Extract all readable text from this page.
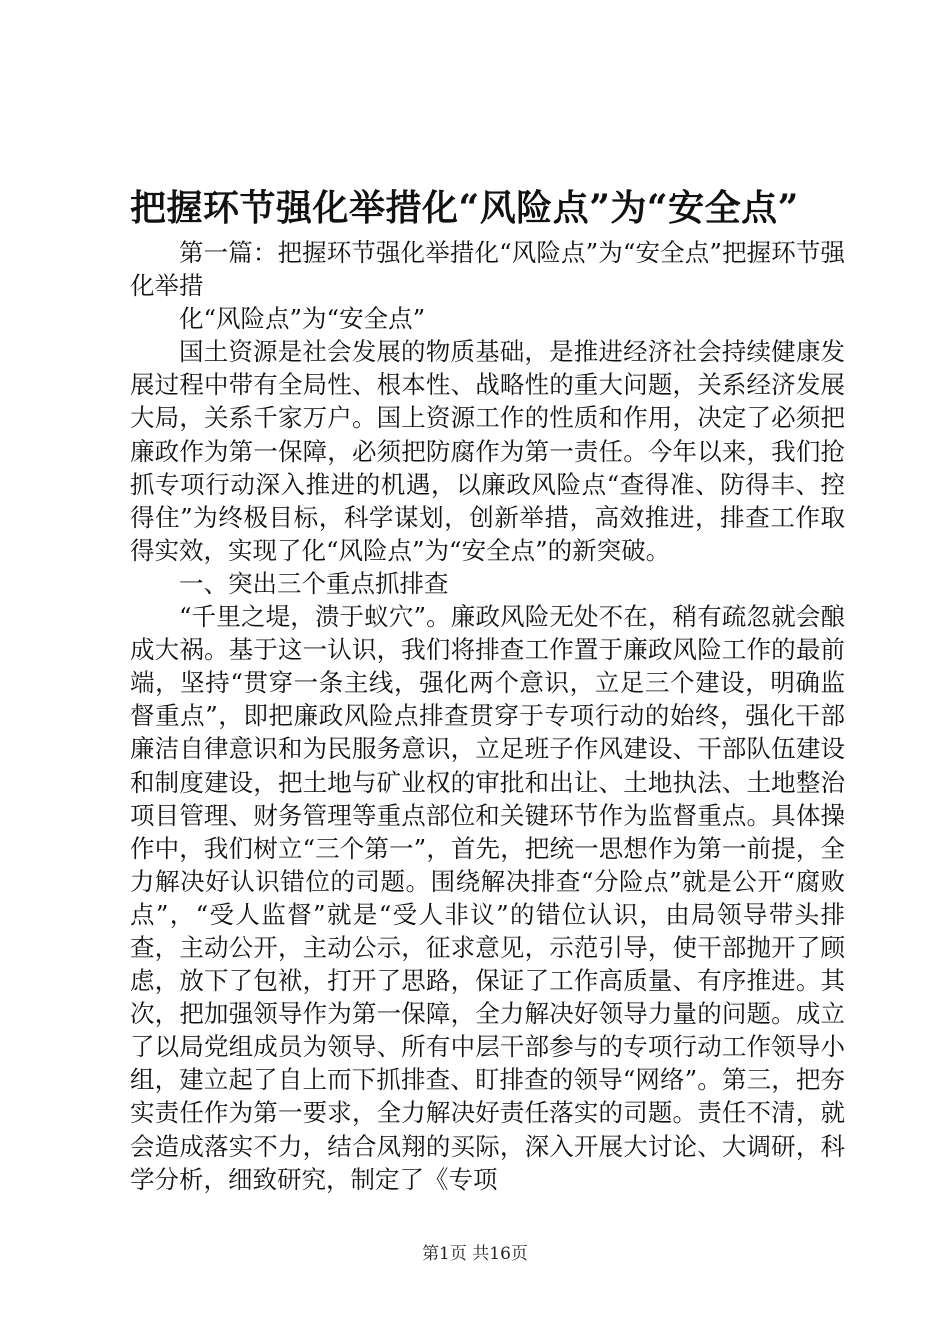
把握环节强化举措化“风险点”为“安全点”

第一篇：把握环节强化举措化“风险点”为“安全点”把握环节强化举措

化“风险点”为“安全点”

国土资源是社会发展的物质基础，是推进经济社会持续健康发展过程中带有全局性、根本性、战略性的重大问题，关系经济发展大局，关系千家万户。国上资源工作的性质和作用，决定了必须把廉政作为第一保障，必须把防腐作为第一责任。今年以来，我们抢抓专项行动深入推进的机遇，以廉政风险点“查得准、防得丰、控得住”为终极目标，科学谋划，创新举措，高效推进，排查工作取得实效，实现了化“风险点”为“安全点”的新突破。

一、突出三个重点抓排查

“千里之堤，溃于蚁穴”。廉政风险无处不在，稍有疏忽就会酿成大祸。基于这一认识，我们将排查工作置于廉政风险工作的最前端，坚持“贯穿一条主线，强化两个意识，立足三个建设，明确监督重点”，即把廉政风险点排查贯穿于专项行动的始终，强化干部廉洁自律意识和为民服务意识，立足班子作风建设、干部队伍建设和制度建设，把土地与矿业权的审批和出让、土地执法、土地整治项目管理、财务管理等重点部位和关键环节作为监督重点。具体操作中，我们树立“三个第一”，首先，把统一思想作为第一前提，全力解决好认识错位的司题。围绕解决排查“分险点”就是公开“腐败点”，“受人监督”就是“受人非议”的错位认识，由局领导带头排查，主动公开，主动公示，征求意见，示范引导，使干部抛开了顾虑，放下了包袱，打开了思路，保证了工作高质量、有序推进。其次，把加强领导作为第一保障，全力解决好领导力量的问题。成立了以局党组成员为领导、所有中层干部参与的专项行动工作领导小组，建立起了自上而下抓排查、盯排查的领导“网络”。第三，把夯实责任作为第一要求，全力解决好责任落实的司题。责任不清，就会造成落实不力，结合凤翔的买际，深入开展大讨论、大调研，科学分析，细致研究，制定了《专项

第1页 共16页
